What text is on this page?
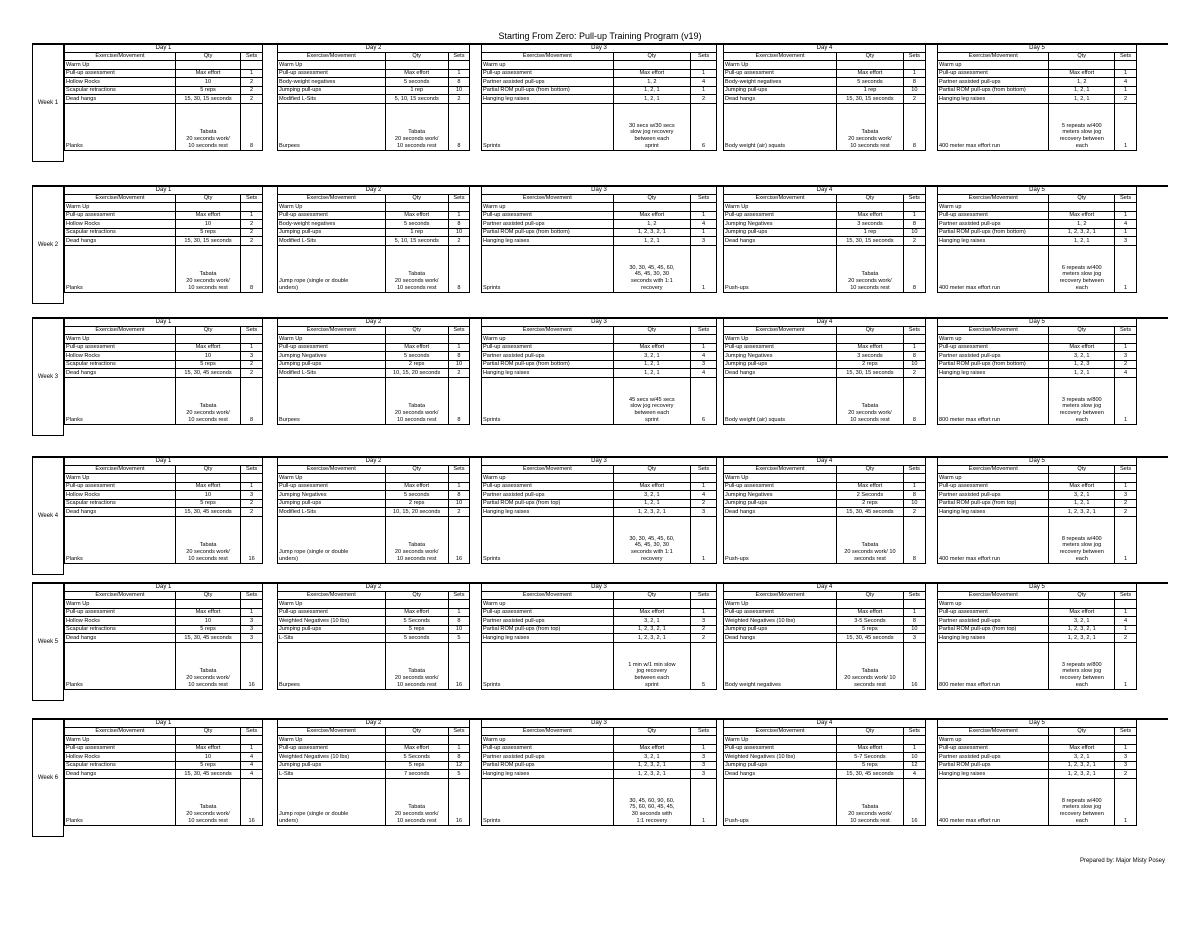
Starting From Zero: Pull-up Training Program (v19)
Week 1
Day 1		
Exercise/Movement	Qty	Sets
Warm Up		
Pull-up assessment	Max effort	1
Hollow Rocks	10	2
Scapular retractions	5 reps	2
Dead hangs	15, 30, 15 seconds	2
Planks	Tabata
20 seconds work/
10 seconds rest	8
Day 2		
Exercise/Movement	Qty	Sets
Warm Up		
Pull-up assessment	Max effort	1
Body-weight negatives	5 seconds	8
Jumping pull-ups	1 rep	10
Modified L-Sits	5, 10, 15 seconds	2
Burpees	Tabata
20 seconds work/
10 seconds rest	8
Day 3		
Exercise/Movement	Qty	Sets
Warm up		
Pull-up assessment	Max effort	1
Partner assisted pull-ups	1, 2	4
Partial ROM pull-ups (from bottom)	1, 2, 1	1
Hanging leg raises	1, 2, 1	2
Sprints	30 secs w/30 secs
slow jog recovery
between each
sprint	6
Day 4		
Exercise/Movement	Qty	Sets
Warm Up		
Pull-up assessment	Max effort	1
Body-weight negatives	5 seconds	8
Jumping pull-ups	1 rep	10
Dead hangs	15, 30, 15 seconds	2
Body weight (air) squats	Tabata
20 seconds work/
10 seconds rest	8
Day 5		
Exercise/Movement	Qty	Sets
Warm up		
Pull-up assessment	Max effort	1
Partner assisted pull-ups	1, 2	4
Partial ROM pull-ups (from bottom)	1, 2, 1	1
Hanging leg raises	1, 2, 1	2
400 meter max effort run	5 repeats w/400
meters slow jog
recovery between
each	1
Week 2
Day 1		
Exercise/Movement	Qty	Sets
Warm Up		
Pull-up assessment	Max effort	1
Hollow Rocks	10	2
Scapular retractions	5 reps	2
Dead hangs	15, 30, 15 seconds	2
Planks	Tabata
20 seconds work/
10 seconds rest	8
Day 2		
Exercise/Movement	Qty	Sets
Warm Up		
Pull-up assessment	Max effort	1
Body-weight negatives	5 seconds	8
Jumping pull-ups	1 rep	10
Modified L-Sits	5, 10, 15 seconds	2
Jump rope (single or double
unders)	Tabata
20 seconds work/
10 seconds rest	8
Day 3		
Exercise/Movement	Qty	Sets
Warm up		
Pull-up assessment	Max effort	1
Partner assisted pull-ups	1, 2	4
Partial ROM pull-ups (from bottom)	1, 2, 3, 2, 1	1
Hanging leg raises	1, 2, 1	3
Sprints	30, 30, 45, 45, 60,
45, 45, 30, 30
seconds with 1:1
recovery	1
Day 4		
Exercise/Movement	Qty	Sets
Warm Up		
Pull-up assessment	Max effort	1
Jumping Negatives	3 seconds	8
Jumping pull-ups	1 rep	10
Dead hangs	15, 30, 15 seconds	2
Push-ups	Tabata
20 seconds work/
10 seconds rest	8
Day 5		
Exercise/Movement	Qty	Sets
Warm up		
Pull-up assessment	Max effort	1
Partner assisted pull-ups	1, 2	4
Partial ROM pull-ups (from bottom)	1, 2, 3, 2, 1	1
Hanging leg raises	1, 2, 1	3
400 meter max effort run	6 repeats w/400
meters slow jog
recovery between
each	1
Week 3
Day 1		
Exercise/Movement	Qty	Sets
Warm Up		
Pull-up assessment	Max effort	1
Hollow Rocks	10	3
Scapular retractions	5 reps	2
Dead hangs	15, 30, 45 seconds	2
Planks	Tabata
20 seconds work/
10 seconds rest	8
Day 2		
Exercise/Movement	Qty	Sets
Warm Up		
Pull-up assessment	Max effort	1
Jumping Negatives	5 seconds	8
Jumping pull-ups	2 reps	10
Modified L-Sits	10, 15, 20 seconds	2
Burpees	Tabata
20 seconds work/
10 seconds rest	8
Day 3		
Exercise/Movement	Qty	Sets
Warm up		
Pull-up assessment	Max effort	1
Partner assisted pull-ups	3, 2, 1	4
Partial ROM pull-ups (from bottom)	1, 2, 1	3
Hanging leg raises	1, 2, 1	4
Sprints	45 secs w/45 secs
slow jog recovery
between each
sprint	6
Day 4		
Exercise/Movement	Qty	Sets
Warm Up		
Pull-up assessment	Max effort	1
Jumping Negatives	3 seconds	8
Jumping pull-ups	2 reps	10
Dead hangs	15, 30, 15 seconds	2
Body weight (air) squats	Tabata
20 seconds work/
10 seconds rest	8
Day 5		
Exercise/Movement	Qty	Sets
Warm up		
Pull-up assessment	Max effort	1
Partner assisted pull-ups	3, 2, 1	3
Partial ROM pull-ups (from bottom)	1, 2, 3	2
Hanging leg raises	1, 2, 1	4
800 meter max effort run	3 repeats w/800
meters slow jog
recovery between
each	1
Week 4
Day 1		
Exercise/Movement	Qty	Sets
Warm Up		
Pull-up assessment	Max effort	1
Hollow Rocks	10	3
Scapular retractions	5 reps	2
Dead hangs	15, 30, 45 seconds	2
Planks	Tabata
20 seconds work/
10 seconds rest	16
Day 2		
Exercise/Movement	Qty	Sets
Warm Up		
Pull-up assessment	Max effort	1
Jumping Negatives	5 seconds	8
Jumping pull-ups	2 reps	10
Modified L-Sits	10, 15, 20 seconds	2
Jump rope (single or double
unders)	Tabata
20 seconds work/
10 seconds rest	16
Day 3		
Exercise/Movement	Qty	Sets
Warm up		
Pull-up assessment	Max effort	1
Partner assisted pull-ups	3, 2, 1	4
Partial ROM pull-ups (from top)	1, 2, 1	2
Hanging leg raises	1, 2, 3, 2, 1	3
Sprints	30, 30, 45, 45, 60,
45, 45, 30, 30
seconds with 1:1
recovery	1
Day 4		
Exercise/Movement	Qty	Sets
Warm Up		
Pull-up assessment	Max effort	1
Jumping Negatives	2 Seconds	8
Jumping pull-ups	2 reps	10
Dead hangs	15, 30, 45 seconds	2
Push-ups	Tabata
20 seconds work/ 10
seconds rest	8
Day 5		
Exercise/Movement	Qty	Sets
Warm up		
Pull-up assessment	Max effort	1
Partner assisted pull-ups	3, 2, 1	3
Partial ROM pull-ups (from top)	1, 2, 1	2
Hanging leg raises	1, 2, 3, 2, 1	2
400 meter max effort run	8 repeats w/400
meters slow jog
recovery between
each	1
Week 5
Day 1		
Exercise/Movement	Qty	Sets
Warm Up		
Pull-up assessment	Max effort	1
Hollow Rocks	10	3
Scapular retractions	5 reps	3
Dead hangs	15, 30, 45 seconds	3
Planks	Tabata
20 seconds work/
10 seconds rest	16
Day 2		
Exercise/Movement	Qty	Sets
Warm Up		
Pull-up assessment	Max effort	1
Weighted Negatives (10 lbs)	5 Seconds	8
Jumping pull-ups	5 reps	10
L-Sits	5 seconds	5
Burpees	Tabata
20 seconds work/
10 seconds rest	16
Day 3		
Exercise/Movement	Qty	Sets
Warm up		
Pull-up assessment	Max effort	1
Partner assisted pull-ups	3, 2, 1	3
Partial ROM pull-ups (from top)	1, 2, 3, 2, 1	2
Hanging leg raises	1, 2, 3, 2, 1	2
Sprints	1 min w/1 min slow
jog recovery
between each
sprint	5
Day 4		
Exercise/Movement	Qty	Sets
Warm Up		
Pull-up assessment	Max effort	1
Weighted Negatives (10 lbs)	3-5 Seconds	8
Jumping pull-ups	5 reps	10
Dead hangs	15, 30, 45 seconds	3
Body weight negatives	Tabata
20 seconds work/ 10
seconds rest	16
Day 5		
Exercise/Movement	Qty	Sets
Warm up		
Pull-up assessment	Max effort	1
Partner assisted pull-ups	3, 2, 1	4
Partial ROM pull-ups (from top)	1, 2, 3, 2, 1	1
Hanging leg raises	1, 2, 3, 2, 1	2
800 meter max effort run	3 repeats w/800
meters slow jog
recovery between
each	1
Week 6
Day 1		
Exercise/Movement	Qty	Sets
Warm Up		
Pull-up assessment	Max effort	1
Hollow Rocks	10	4
Scapular retractions	5 reps	4
Dead hangs	15, 30, 45 seconds	4
Planks	Tabata
20 seconds work/
10 seconds rest	16
Day 2		
Exercise/Movement	Qty	Sets
Warm Up		
Pull-up assessment	Max effort	1
Weighted Negatives (10 lbs)	5 Seconds	8
Jumping pull-ups	5 reps	12
L-Sits	7 seconds	5
Jump rope (single or double
unders)	Tabata
20 seconds work/
10 seconds rest	16
Day 3		
Exercise/Movement	Qty	Sets
Warm up		
Pull-up assessment	Max effort	1
Partner assisted pull-ups	3, 2, 1	3
Partial ROM pull-ups	1, 2, 3, 2, 1	3
Hanging leg raises	1, 2, 3, 2, 1	3
Sprints	30, 45, 60, 90, 60,
75, 60, 60, 45, 45,
30 seconds with
1:1 recovery	1
Day 4		
Exercise/Movement	Qty	Sets
Warm Up		
Pull-up assessment	Max effort	1
Weighted Negatives (10 lbs)	5-7 Seconds	10
Jumping pull-ups	5 reps	12
Dead hangs	15, 30, 45 seconds	4
Push-ups	Tabata
20 seconds work/
10 seconds rest	16
Day 5		
Exercise/Movement	Qty	Sets
Warm up		
Pull-up assessment	Max effort	1
Partner assisted pull-ups	3, 2, 1	3
Partial ROM pull-ups	1, 2, 3, 2, 1	3
Hanging leg raises	1, 2, 3, 2, 1	2
400 meter max effort run	8 repeats w/400
meters slow jog
recovery between
each	1
Prepared by: Major Misty Posey
